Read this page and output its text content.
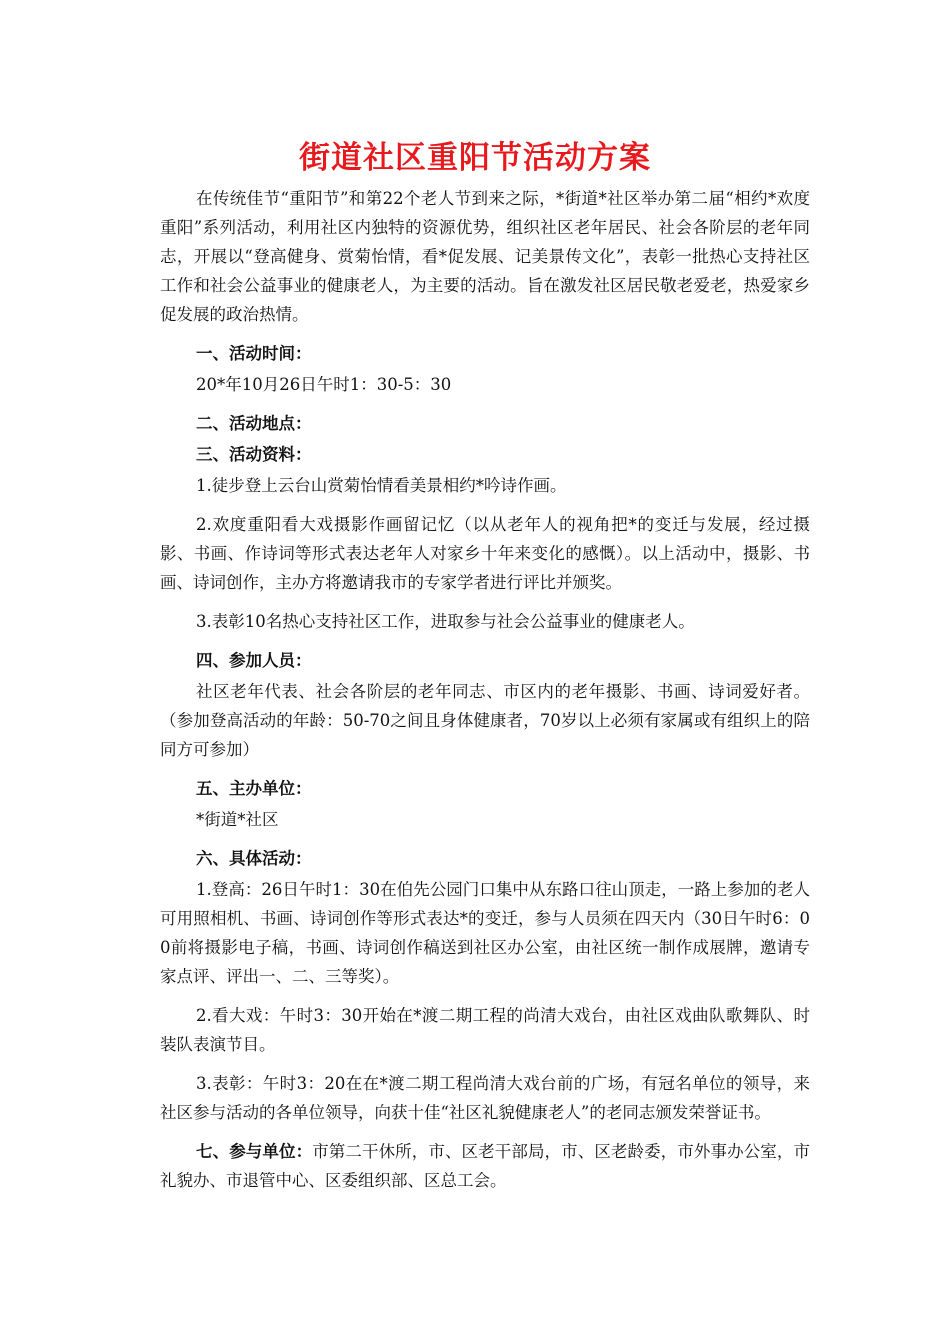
街道社区重阳节活动方案

在传统佳节“重阳节”和第22个老人节到来之际，*街道*社区举办第二届“相约*欢度重阳”系列活动，利用社区内独特的资源优势，组织社区老年居民、社会各阶层的老年同志，开展以“登高健身、赏菊怡情，看*促发展、记美景传文化”，表彰一批热心支持社区工作和社会公益事业的健康老人，为主要的活动。旨在激发社区居民敬老爱老，热爱家乡促发展的政治热情。

一、活动时间：

20*年10月26日午时1：30-5：30

二、活动地点：

三、活动资料：

1.徒步登上云台山赏菊怡情看美景相约*吟诗作画。

2.欢度重阳看大戏摄影作画留记忆（以从老年人的视角把*的变迁与发展，经过摄影、书画、作诗词等形式表达老年人对家乡十年来变化的感慨）。以上活动中，摄影、书画、诗词创作，主办方将邀请我市的专家学者进行评比并颁奖。

3.表彰10名热心支持社区工作，进取参与社会公益事业的健康老人。

四、参加人员：

社区老年代表、社会各阶层的老年同志、市区内的老年摄影、书画、诗词爱好者。（参加登高活动的年龄：50-70之间且身体健康者，70岁以上必须有家属或有组织上的陪同方可参加）

五、主办单位：

*街道*社区

六、具体活动：

1.登高：26日午时1：30在伯先公园门口集中从东路口往山顶走，一路上参加的老人可用照相机、书画、诗词创作等形式表达*的变迁，参与人员须在四天内（30日午时6：00前将摄影电子稿，书画、诗词创作稿送到社区办公室，由社区统一制作成展牌，邀请专家点评、评出一、二、三等奖）。

2.看大戏：午时3：30开始在*渡二期工程的尚清大戏台，由社区戏曲队歌舞队、时装队表演节目。

3.表彰：午时3：20在在*渡二期工程尚清大戏台前的广场，有冠名单位的领导，来社区参与活动的各单位领导，向获十佳“社区礼貌健康老人”的老同志颁发荣誉证书。

七、参与单位：市第二干休所，市、区老干部局，市、区老龄委，市外事办公室，市礼貌办、市退管中心、区委组织部、区总工会。
